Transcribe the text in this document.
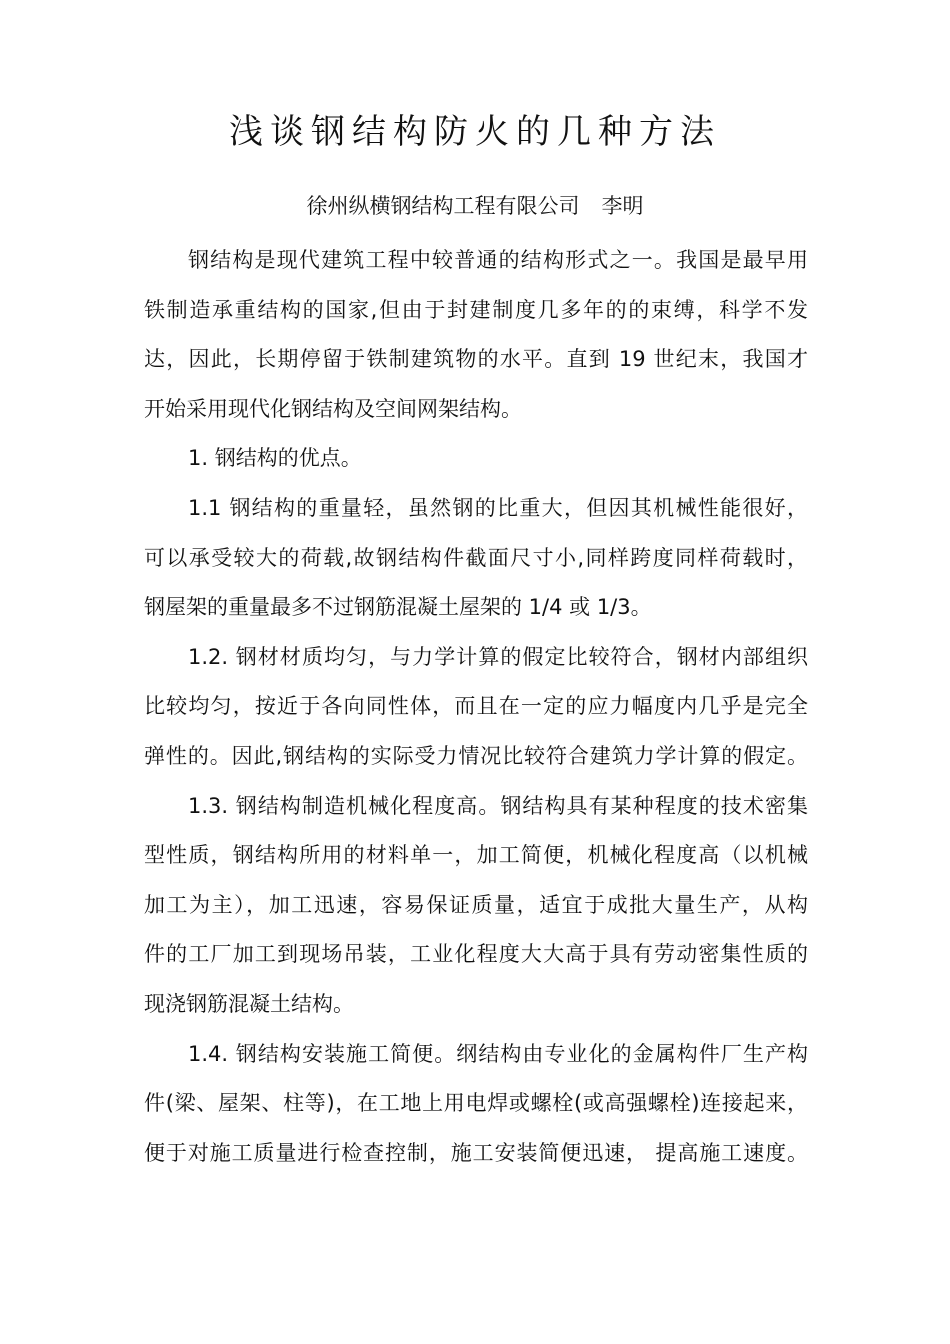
浅谈钢结构防火的几种方法
徐州纵横钢结构工程有限公司 李明

钢结构是现代建筑工程中较普通的结构形式之一。我国是最早用
铁制造承重结构的国家,但由于封建制度几多年的的束缚，科学不发
达，因此，长期停留于铁制建筑物的水平。直到 19 世纪末，我国才
开始采用现代化钢结构及空间网架结构。

1. 钢结构的优点。

1.1 钢结构的重量轻，虽然钢的比重大，但因其机械性能很好，
可以承受较大的荷载,故钢结构件截面尺寸小,同样跨度同样荷载时，
钢屋架的重量最多不过钢筋混凝土屋架的 1/4 或 1/3。

1.2. 钢材材质均匀，与力学计算的假定比较符合，钢材内部组织
比较均匀，按近于各向同性体，而且在一定的应力幅度内几乎是完全
弹性的。因此,钢结构的实际受力情况比较符合建筑力学计算的假定。

1.3. 钢结构制造机械化程度高。钢结构具有某种程度的技术密集
型性质，钢结构所用的材料单一，加工简便，机械化程度高（以机械
加工为主），加工迅速，容易保证质量，适宜于成批大量生产，从构
件的工厂加工到现场吊装，工业化程度大大高于具有劳动密集性质的
现浇钢筋混凝土结构。

1.4. 钢结构安装施工简便。纲结构由专业化的金属构件厂生产构
件(梁、屋架、柱等)，在工地上用电焊或螺栓(或高强螺栓)连接起来，
便于对施工质量进行检查控制，施工安装简便迅速， 提高施工速度。
